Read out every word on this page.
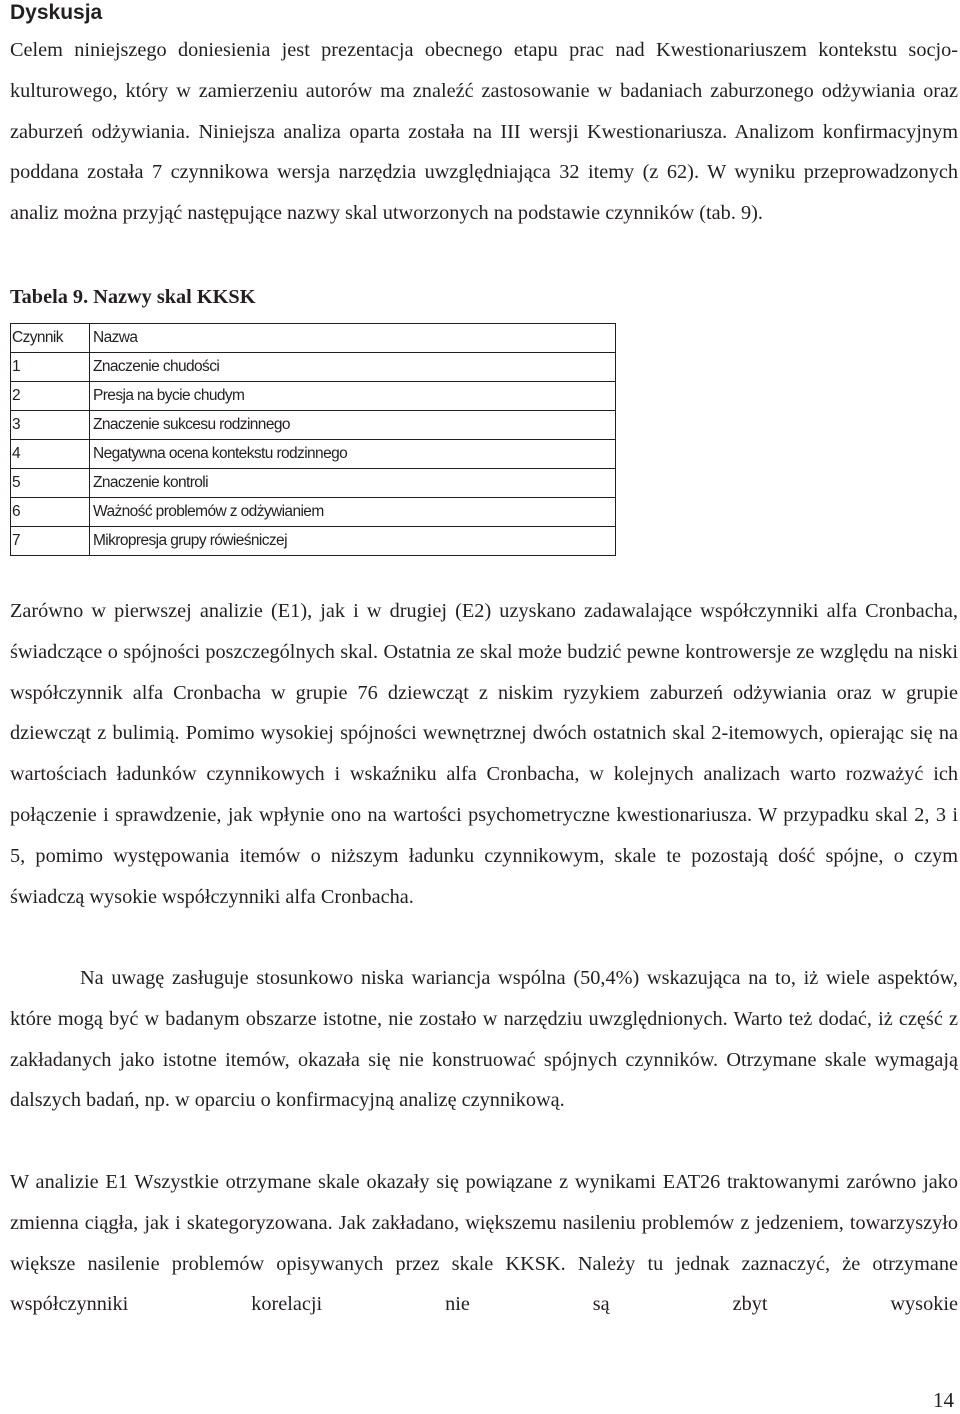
Dyskusja

Celem niniejszego doniesienia jest prezentacja obecnego etapu prac nad Kwestionariuszem kontekstu socjo-kulturowego, który w zamierzeniu autorów ma znaleźć zastosowanie w badaniach zaburzonego odżywiania oraz zaburzeń odżywiania. Niniejsza analiza oparta została na III wersji Kwestionariusza. Analizom konfirmacyjnym poddana została 7 czynnikowa wersja narzędzia uwzględniająca 32 itemy (z 62). W wyniku przeprowadzonych analiz można przyjąć następujące nazwy skal utworzonych na podstawie czynników (tab. 9).

Tabela 9. Nazwy skal KKSK

Czynnik	Nazwa
1	Znaczenie chudości
2	Presja na bycie chudym
3	Znaczenie sukcesu rodzinnego
4	Negatywna ocena kontekstu rodzinnego
5	Znaczenie kontroli
6	Ważność problemów z odżywianiem
7	Mikropresja grupy rówieśniczej

Zarówno w pierwszej analizie (E1), jak i w drugiej (E2) uzyskano zadawalające współczynniki alfa Cronbacha, świadczące o spójności poszczególnych skal. Ostatnia ze skal może budzić pewne kontrowersje ze względu na niski współczynnik alfa Cronbacha w grupie 76 dziewcząt z niskim ryzykiem zaburzeń odżywiania oraz w grupie dziewcząt z bulimią. Pomimo wysokiej spójności wewnętrznej dwóch ostatnich skal 2-itemowych, opierając się na wartościach ładunków czynnikowych i wskaźniku alfa Cronbacha, w kolejnych analizach warto rozważyć ich połączenie i sprawdzenie, jak wpłynie ono na wartości psychometryczne kwestionariusza. W przypadku skal 2, 3 i 5, pomimo występowania itemów o niższym ładunku czynnikowym, skale te pozostają dość spójne, o czym świadczą wysokie współczynniki alfa Cronbacha.

Na uwagę zasługuje stosunkowo niska wariancja wspólna (50,4%) wskazująca na to, iż wiele aspektów, które mogą być w badanym obszarze istotne, nie zostało w narzędziu uwzględnionych. Warto też dodać, iż część z zakładanych jako istotne itemów, okazała się nie konstruować spójnych czynników. Otrzymane skale wymagają dalszych badań, np. w oparciu o konfirmacyjną analizę czynnikową.

W analizie E1 Wszystkie otrzymane skale okazały się powiązane z wynikami EAT26 traktowanymi zarówno jako zmienna ciągła, jak i skategoryzowana. Jak zakładano, większemu nasileniu problemów z jedzeniem, towarzyszyło większe nasilenie problemów opisywanych przez skale KKSK. Należy tu jednak zaznaczyć, że otrzymane współczynniki korelacji nie są zbyt wysokie

14
